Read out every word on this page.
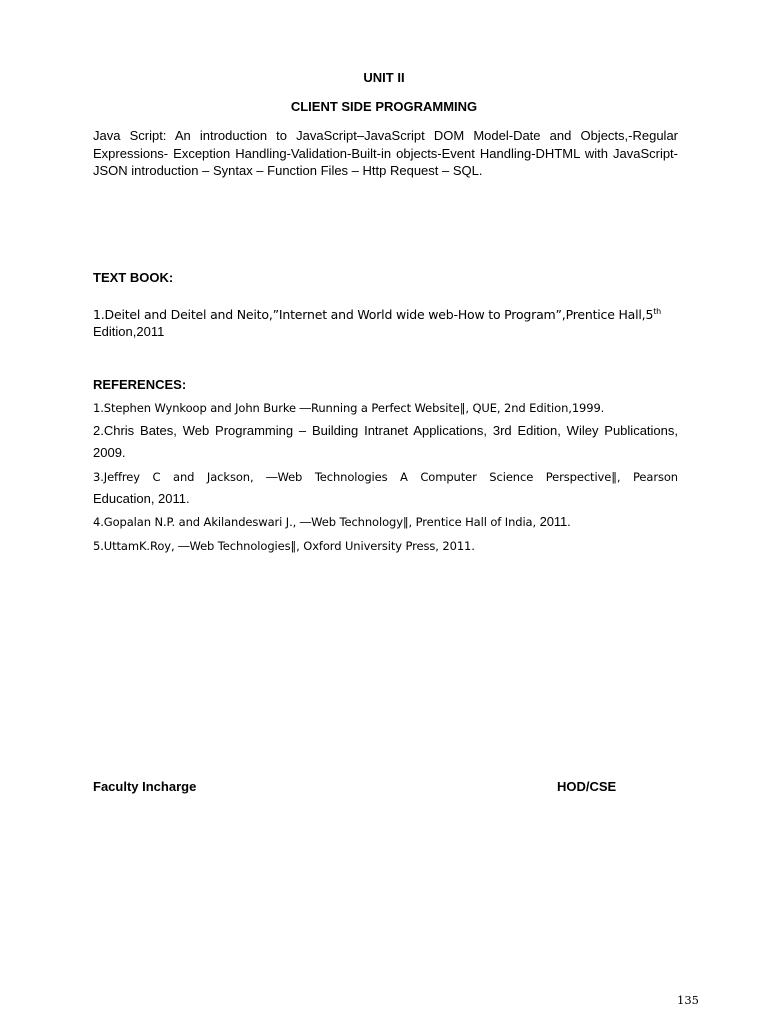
UNIT II
CLIENT SIDE PROGRAMMING
Java Script: An introduction to JavaScript–JavaScript DOM Model-Date and Objects,-Regular Expressions- Exception Handling-Validation-Built-in objects-Event Handling-DHTML with JavaScript- JSON introduction – Syntax – Function Files – Http Request – SQL.
TEXT BOOK:
1.Deitel and Deitel and Neito,”Internet and World wide web-How to Program”,Prentice Hall,5th
Edition,2011
REFERENCES:
1.Stephen Wynkoop and John Burke ―Running a Perfect Website‖, QUE, 2nd Edition,1999.
2.Chris Bates, Web Programming – Building Intranet Applications, 3rd Edition, Wiley Publications, 2009.
3.Jeffrey C and Jackson, ―Web Technologies A Computer Science Perspective‖, Pearson
Education, 2011.
4.Gopalan N.P. and Akilandeswari J., ―Web Technology‖, Prentice Hall of India, 2011.
5.UttamK.Roy, ―Web Technologies‖, Oxford University Press, 2011.
Faculty Incharge	HOD/CSE
135
